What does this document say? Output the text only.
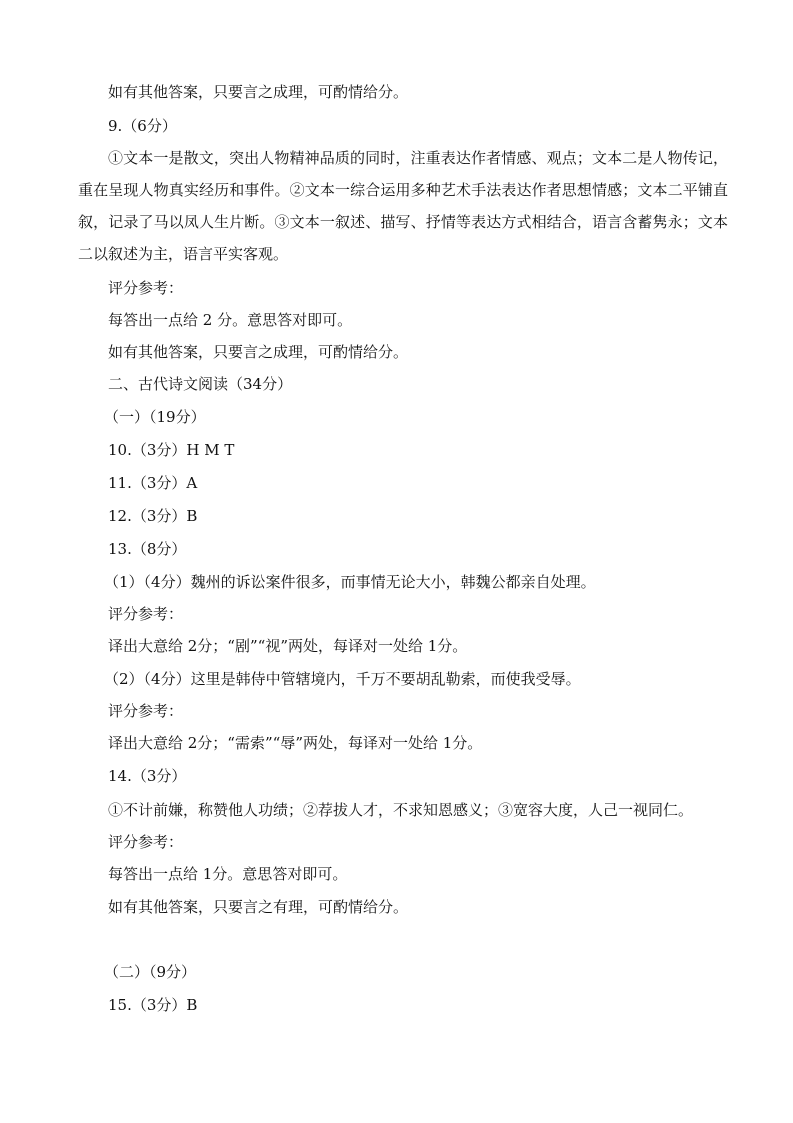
如有其他答案，只要言之成理，可酌情给分。
9.（6分）
①文本一是散文，突出人物精神品质的同时，注重表达作者情感、观点；文本二是人物传记，重在呈现人物真实经历和事件。②文本一综合运用多种艺术手法表达作者思想情感；文本二平铺直叙，记录了马以凤人生片断。③文本一叙述、描写、抒情等表达方式相结合，语言含蓄隽永；文本二以叙述为主，语言平实客观。
评分参考：
每答出一点给 2 分。意思答对即可。
如有其他答案，只要言之成理，可酌情给分。
二、古代诗文阅读（34分）
（一）（19分）
10.（3分）H M T
11.（3分）A
12.（3分）B
13.（8分）
（1）（4分）魏州的诉讼案件很多，而事情无论大小，韩魏公都亲自处理。
评分参考：
译出大意给 2分；“剧”“视”两处，每译对一处给 1分。
（2）（4分）这里是韩侍中管辖境内，千万不要胡乱勒索，而使我受辱。
评分参考：
译出大意给 2分；“需索”“辱”两处，每译对一处给 1分。
14.（3分）
①不计前嫌，称赞他人功绩；②荐拔人才，不求知恩感义；③宽容大度，人己一视同仁。
评分参考：
每答出一点给 1分。意思答对即可。
如有其他答案，只要言之有理，可酌情给分。
（二）（9分）
15.（3分）B
